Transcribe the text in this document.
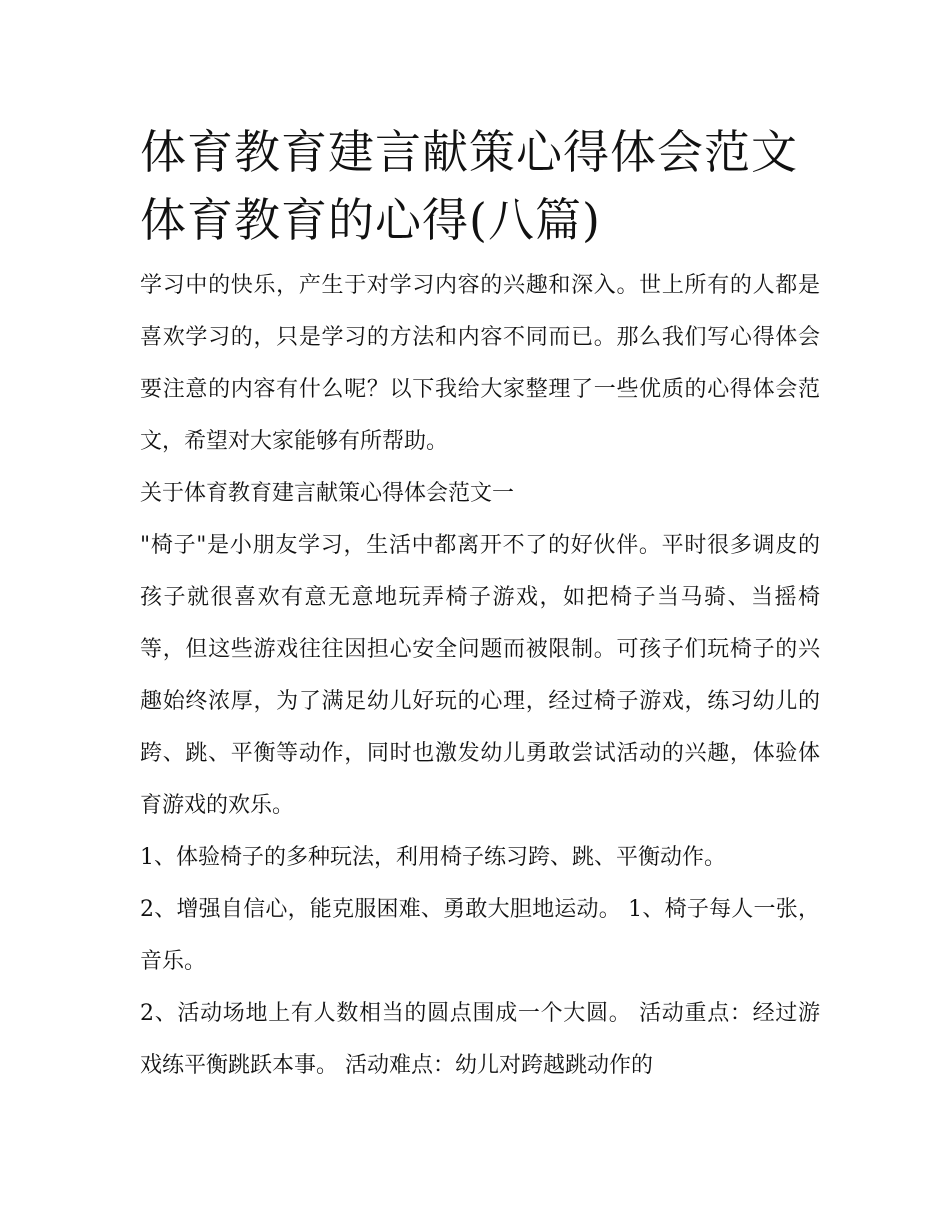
体育教育建言献策心得体会范文 体育教育的心得(八篇)

学习中的快乐，产生于对学习内容的兴趣和深入。世上所有的人都是喜欢学习的，只是学习的方法和内容不同而已。那么我们写心得体会要注意的内容有什么呢？以下我给大家整理了一些优质的心得体会范文，希望对大家能够有所帮助。

关于体育教育建言献策心得体会范文一

"椅子"是小朋友学习，生活中都离开不了的好伙伴。平时很多调皮的孩子就很喜欢有意无意地玩弄椅子游戏，如把椅子当马骑、当摇椅等，但这些游戏往往因担心安全问题而被限制。可孩子们玩椅子的兴趣始终浓厚，为了满足幼儿好玩的心理，经过椅子游戏，练习幼儿的跨、跳、平衡等动作，同时也激发幼儿勇敢尝试活动的兴趣，体验体育游戏的欢乐。

1、体验椅子的多种玩法，利用椅子练习跨、跳、平衡动作。

2、增强自信心，能克服困难、勇敢大胆地运动。 1、椅子每人一张，音乐。

2、活动场地上有人数相当的圆点围成一个大圆。 活动重点：经过游戏练平衡跳跃本事。 活动难点：幼儿对跨越跳动作的
